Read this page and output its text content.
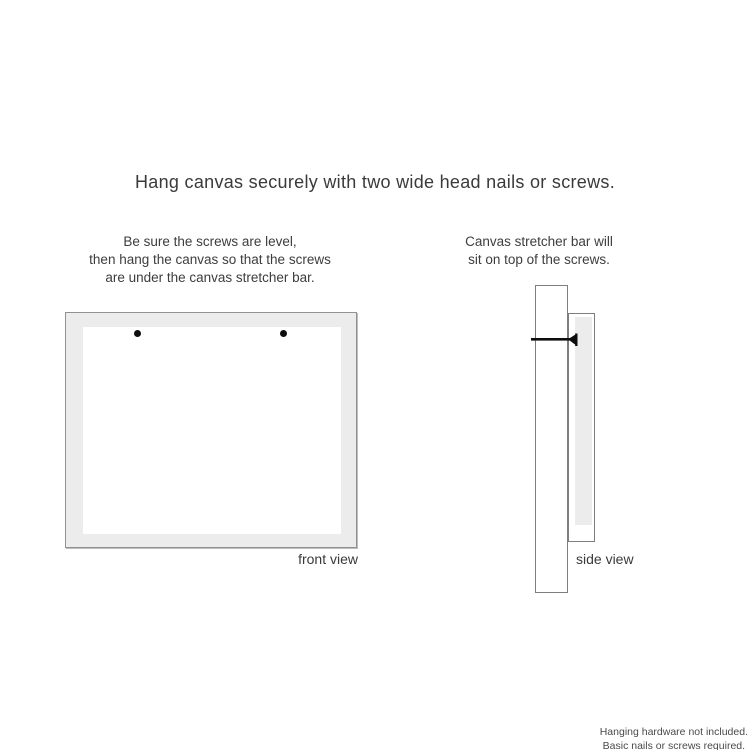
Hang canvas securely with two wide head nails or screws.
Be sure the screws are level,
then hang the canvas so that the screws
are under the canvas stretcher bar.
Canvas stretcher bar will
sit on top of the screws.
front view	side view
Hanging hardware not included.
Basic nails or screws required.
